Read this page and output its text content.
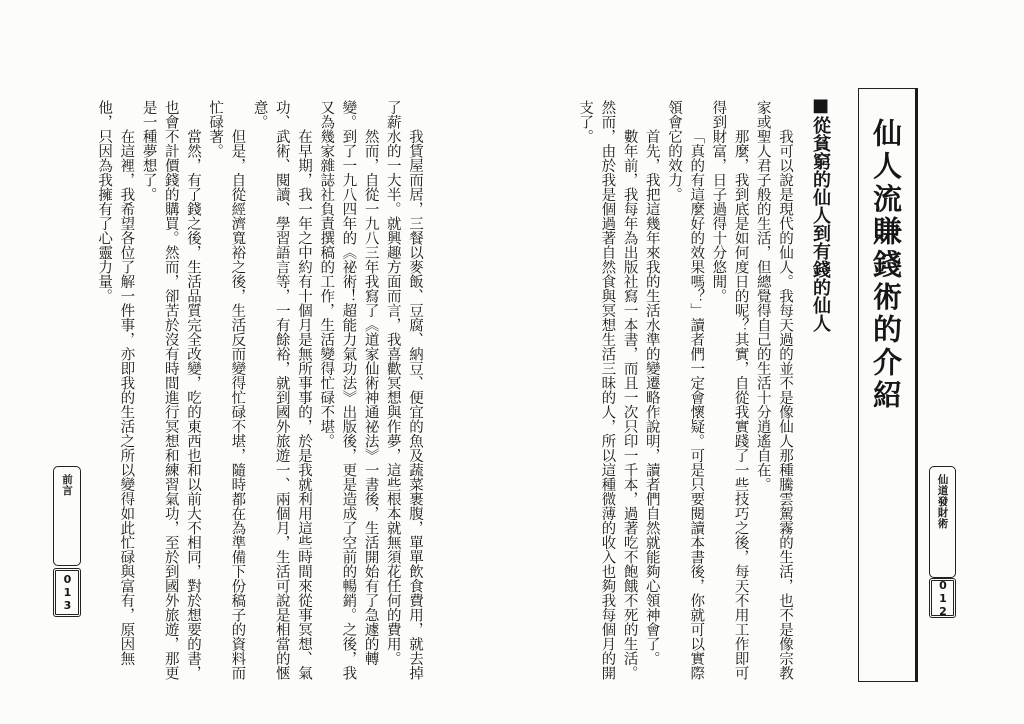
我賃屋而居，三餐以麥飯、豆腐、納豆、便宜的魚及蔬菜裹腹，單單飲食費用，就去掉
了薪水的一大半。就興趣方面而言，我喜歡冥想與作夢，這些根本就無須花任何的費用。
然而，自從一九八三年我寫了《道家仙術神通祕法》一書後，生活開始有了急遽的轉
變。到了一九八四年的《祕術！超能力氣功法》出版後，更是造成了空前的暢銷。之後，我
又為幾家雜誌社負責撰稿的工作，生活變得忙碌不堪。
在早期，我一年之中約有十個月是無所事事的，於是我就利用這些時間來從事冥想、氣
功、武術、閱讀、學習語言等，一有餘裕，就到國外旅遊一、兩個月，生活可說是相當的愜
意。
但是，自從經濟寬裕之後，生活反而變得忙碌不堪，隨時都在為準備下份稿子的資料而
忙碌著。
當然，有了錢之後，生活品質完全改變，吃的東西也和以前大不相同，對於想要的書，
也會不計價錢的購買。然而，卻苦於沒有時間進行冥想和練習氣功，至於到國外旅遊，那更
是一種夢想了。
在這裡，我希望各位了解一件事，亦即我的生活之所以變得如此忙碌與富有，原因無
他，只因為我擁有了心靈力量。
前言
013	我可以說是現代的仙人。我每天過的並不是像仙人那種騰雲駕霧的生活，也不是像宗教
家或聖人君子般的生活，但總覺得自己的生活十分逍遙自在。
那麼，我到底是如何度日的呢？其實，自從我實踐了一些技巧之後，每天不用工作即可
得到財富，日子過得十分悠閒。
「真的有這麼好的效果嗎？」讀者們一定會懷疑。可是只要閱讀本書後，你就可以實際
領會它的效力。
首先，我把這幾年來我的生活水準的變遷略作說明，讀者們自然就能夠心領神會了。
數年前，我每年為出版社寫一本書，而且一次只印一千本，過著吃不飽餓不死的生活。
然而，由於我是個過著自然食與冥想生活三昧的人，所以這種微薄的收入也夠我每個月的開
支了。	■從貧窮的仙人到有錢的仙人 仙人流賺錢術的介紹
仙道發財術
012
